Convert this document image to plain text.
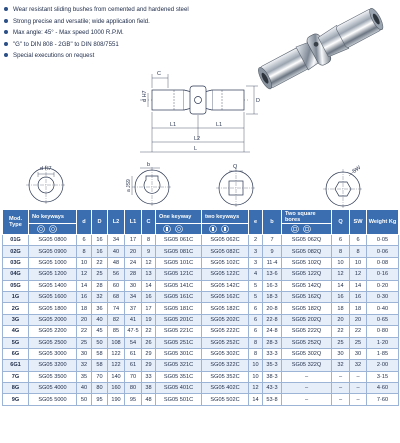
Wear resistant sliding bushes from cemented and hardened steel
Strong precise and versatile; wide application field.
Max angle: 45° - Max speed 1000 R.P.M.
"G" to DIN 808 - 2GB" to DIN 808/7551
Special executions on request
C
d H7	D
L1	L1
L2
L
d H7
b
a JS9
Q	SW
Mod. Type	No keyways	d	D	L2	L1	C	One keyway	two keyways	e	b	Two square bores	Q	SW	Weight Kg

01G	SG05 0800	6	16	34	17	8	SG05 061C	SG05 062C	2	7	SG05 062Q	6	6	0·05
02G	SG05 0900	8	16	40	20	9	SG05 081C	SG05 082C	3	9	SG05 082Q	8	8	0·06
03G	SG05 1000	10	22	48	24	12	SG05 101C	SG05 102C	3	11·4	SG05 102Q	10	10	0·08
04G	SG05 1200	12	25	56	28	13	SG05 121C	SG05 122C	4	13·6	SG05 122Q	12	12	0·16
05G	SG05 1400	14	28	60	30	14	SG05 141C	SG05 142C	5	16·3	SG05 142Q	14	14	0·20
1G	SG05 1600	16	32	68	34	16	SG05 161C	SG05 162C	5	18·3	SG05 162Q	16	16	0·30
2G	SG05 1800	18	36	74	37	17	SG05 181C	SG05 182C	6	20·8	SG05 182Q	18	18	0·40
3G	SG05 2000	20	40	82	41	19	SG05 201C	SG05 202C	6	22·8	SG05 202Q	20	20	0·65
4G	SG05 2200	22	45	85	47·5	22	SG05 221C	SG05 222C	6	24·8	SG05 222Q	22	22	0·80
5G	SG05 2500	25	50	108	54	26	SG05 251C	SG05 252C	8	28·3	SG05 252Q	25	25	1·20
6G	SG05 3000	30	58	122	61	29	SG05 301C	SG05 302C	8	33·3	SG05 302Q	30	30	1·85
6G1	SG05 3200	32	58	122	61	29	SG05 321C	SG05 322C	10	35·3	SG05 322Q	32	32	2·00
7G	SG05 3500	35	70	140	70	33	SG05 351C	SG05 352C	10	38·3	–	–	–	3·15
8G	SG05 4000	40	80	160	80	38	SG05 401C	SG05 402C	12	43·3	–	–	–	4·60
9G	SG05 5000	50	95	190	95	48	SG05 501C	SG05 502C	14	53·8	–	–	–	7·60
